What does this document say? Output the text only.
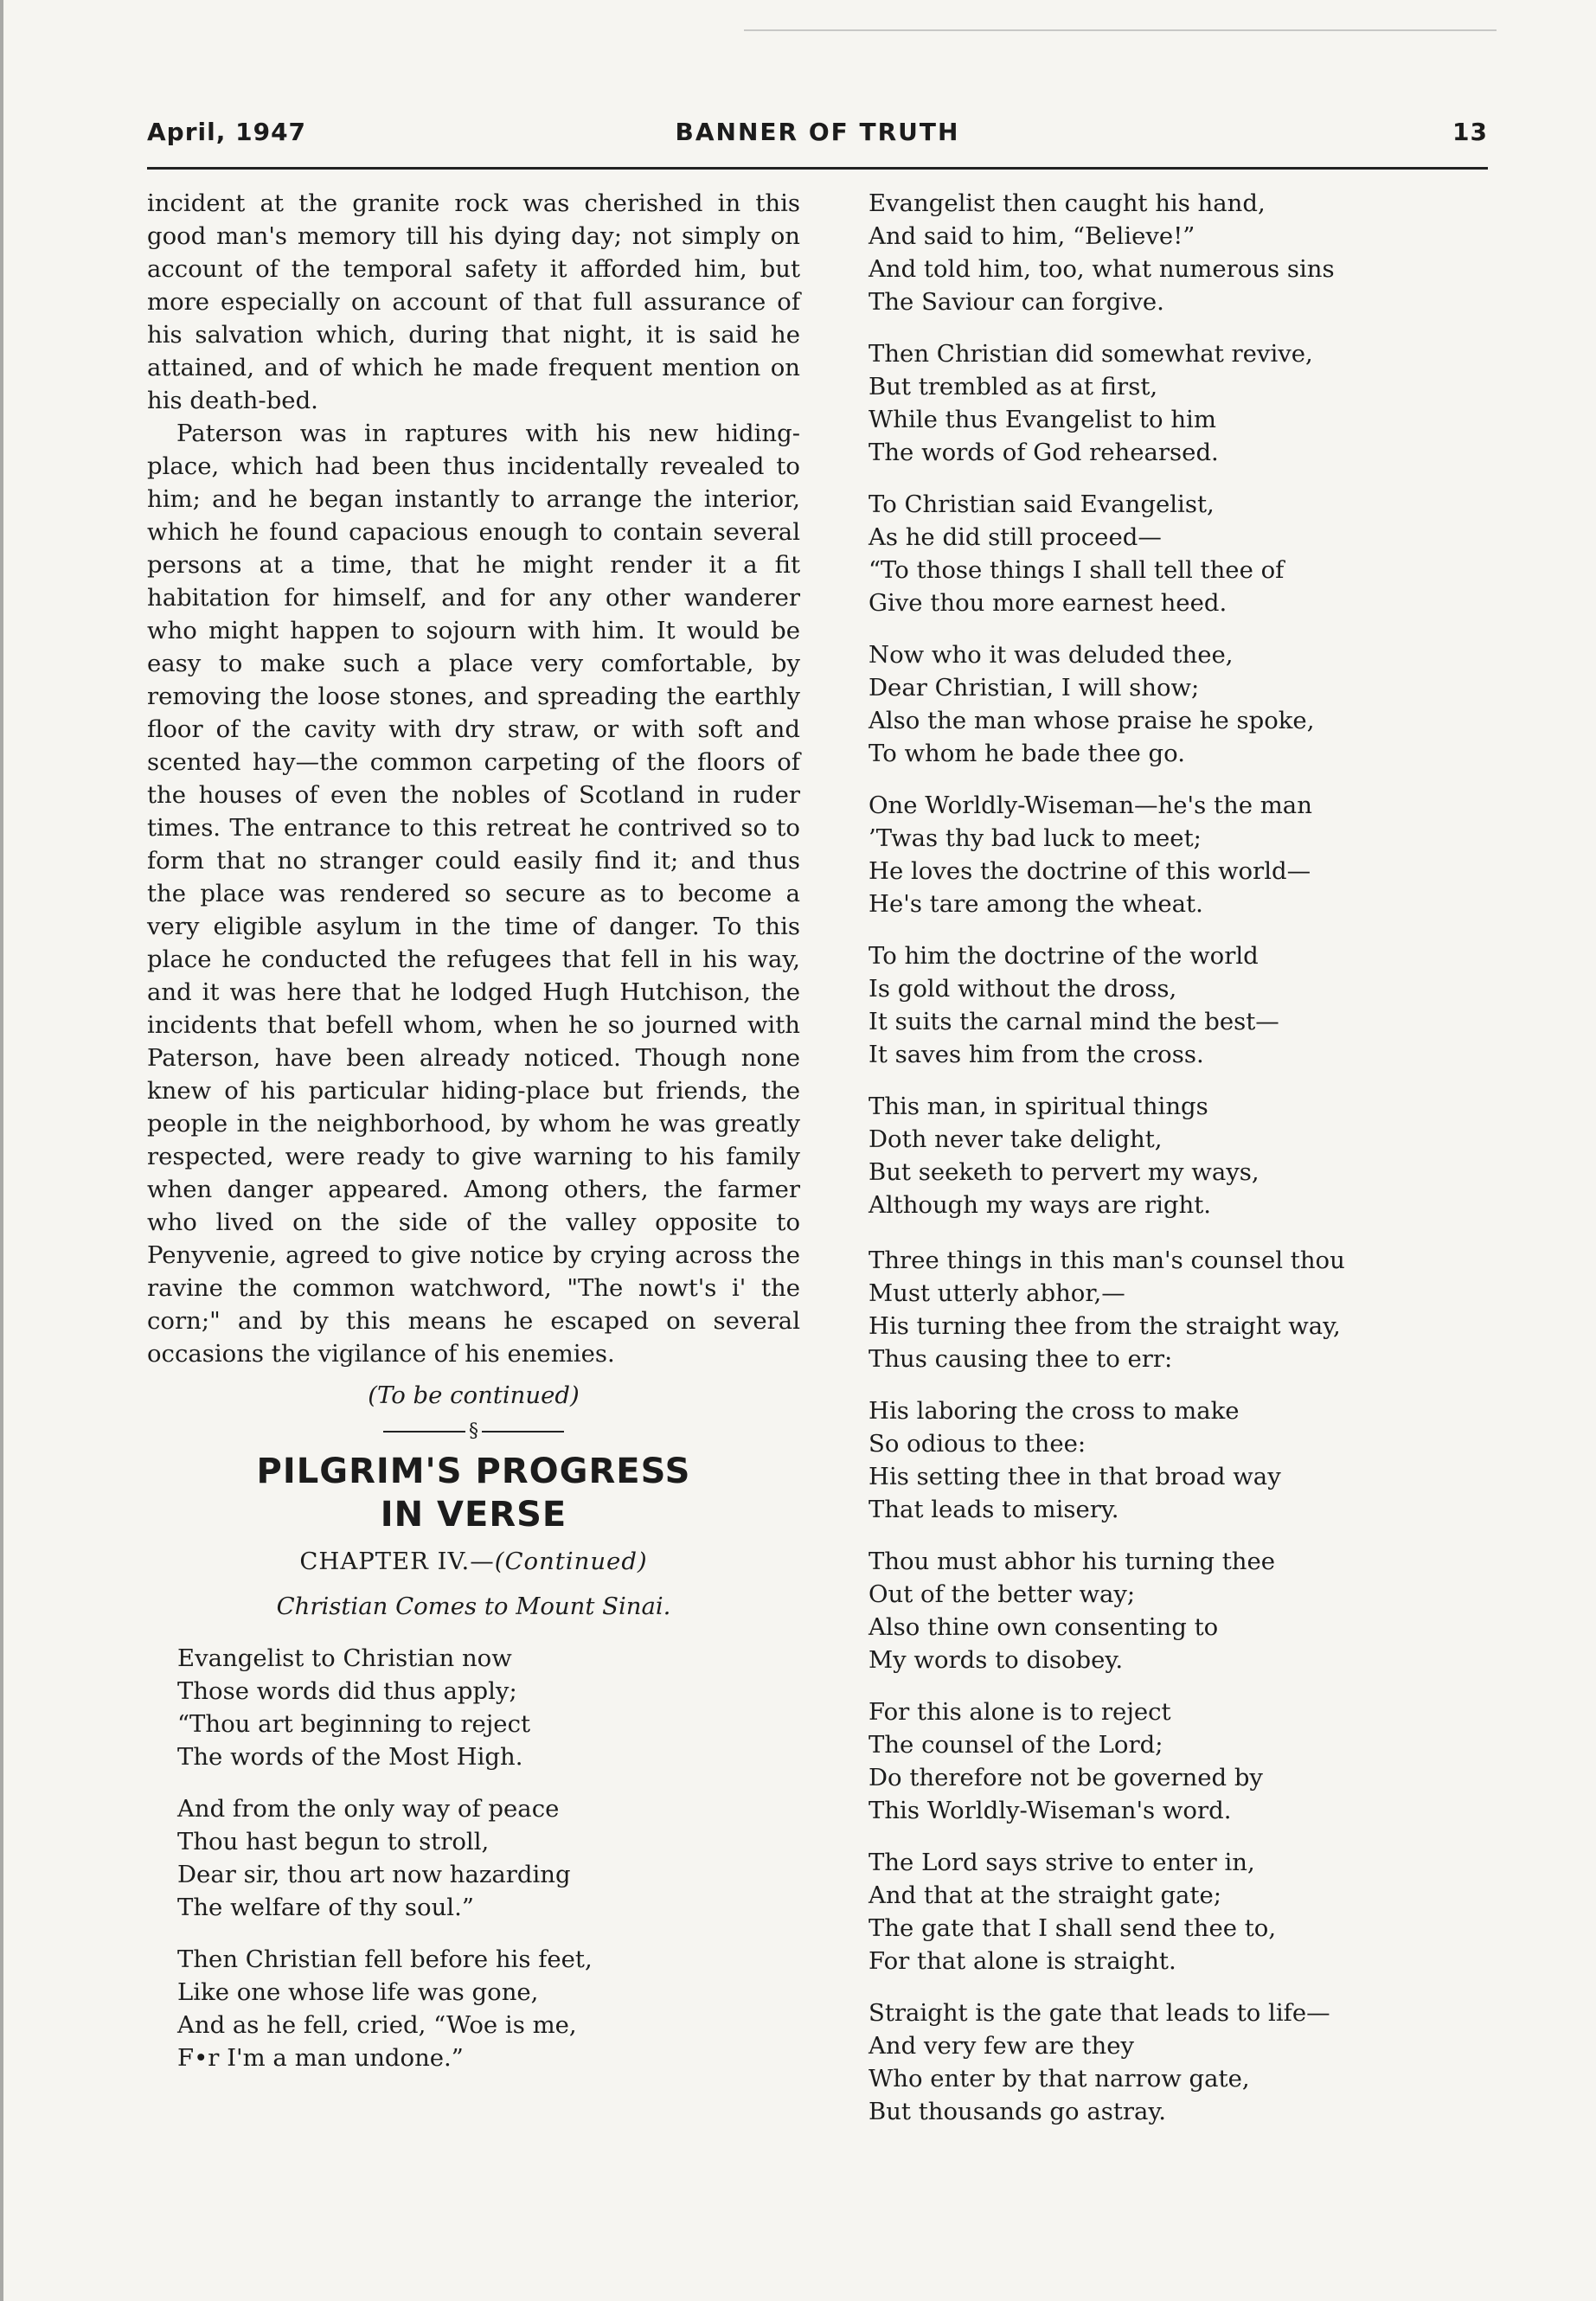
April, 1947	BANNER OF TRUTH	13

incident at the granite rock was cherished in this good man's memory till his dying day; not simply on account of the temporal safety it afforded him, but more especially on account of that full assurance of his salvation which, during that night, it is said he attained, and of which he made frequent mention on his death-bed.

Paterson was in raptures with his new hiding-place, which had been thus incidentally revealed to him; and he began instantly to arrange the interior, which he found capacious enough to contain several persons at a time, that he might render it a fit habitation for himself, and for any other wanderer who might happen to sojourn with him. It would be easy to make such a place very comfortable, by removing the loose stones, and spreading the earthly floor of the cavity with dry straw, or with soft and scented hay—the common carpeting of the floors of the houses of even the nobles of Scotland in ruder times. The entrance to this retreat he contrived so to form that no stranger could easily find it; and thus the place was rendered so secure as to become a very eligible asylum in the time of danger. To this place he conducted the refugees that fell in his way, and it was here that he lodged Hugh Hutchison, the incidents that befell whom, when he so journed with Paterson, have been already noticed. Though none knew of his particular hiding-place but friends, the people in the neighborhood, by whom he was greatly respected, were ready to give warning to his family when danger appeared. Among others, the farmer who lived on the side of the valley opposite to Penyvenie, agreed to give notice by crying across the ravine the common watchword, "The nowt's i' the corn;" and by this means he escaped on several occasions the vigilance of his enemies.

(To be continued)
§
PILGRIM'S PROGRESS
IN VERSE
CHAPTER IV.—(Continued)
Christian Comes to Mount Sinai.
Evangelist to Christian now
Those words did thus apply;
“Thou art beginning to reject
The words of the Most High.
And from the only way of peace
Thou hast begun to stroll,
Dear sir, thou art now hazarding
The welfare of thy soul.”
Then Christian fell before his feet,
Like one whose life was gone,
And as he fell, cried, “Woe is me,
F•r I'm a man undone.”
Evangelist then caught his hand,
And said to him, “Believe!”
And told him, too, what numerous sins
The Saviour can forgive.
Then Christian did somewhat revive,
But trembled as at first,
While thus Evangelist to him
The words of God rehearsed.
To Christian said Evangelist,
As he did still proceed—
“To those things I shall tell thee of
Give thou more earnest heed.
Now who it was deluded thee,
Dear Christian, I will show;
Also the man whose praise he spoke,
To whom he bade thee go.
One Worldly-Wiseman—he's the man
’Twas thy bad luck to meet;
He loves the doctrine of this world—
He's tare among the wheat.
To him the doctrine of the world
Is gold without the dross,
It suits the carnal mind the best—
It saves him from the cross.
This man, in spiritual things
Doth never take delight,
But seeketh to pervert my ways,
Although my ways are right.
Three things in this man's counsel thou
Must utterly abhor,—
His turning thee from the straight way,
Thus causing thee to err:
His laboring the cross to make
So odious to thee:
His setting thee in that broad way
That leads to misery.
Thou must abhor his turning thee
Out of the better way;
Also thine own consenting to
My words to disobey.
For this alone is to reject
The counsel of the Lord;
Do therefore not be governed by
This Worldly-Wiseman's word.
The Lord says strive to enter in,
And that at the straight gate;
The gate that I shall send thee to,
For that alone is straight.
Straight is the gate that leads to life—
And very few are they
Who enter by that narrow gate,
But thousands go astray.
